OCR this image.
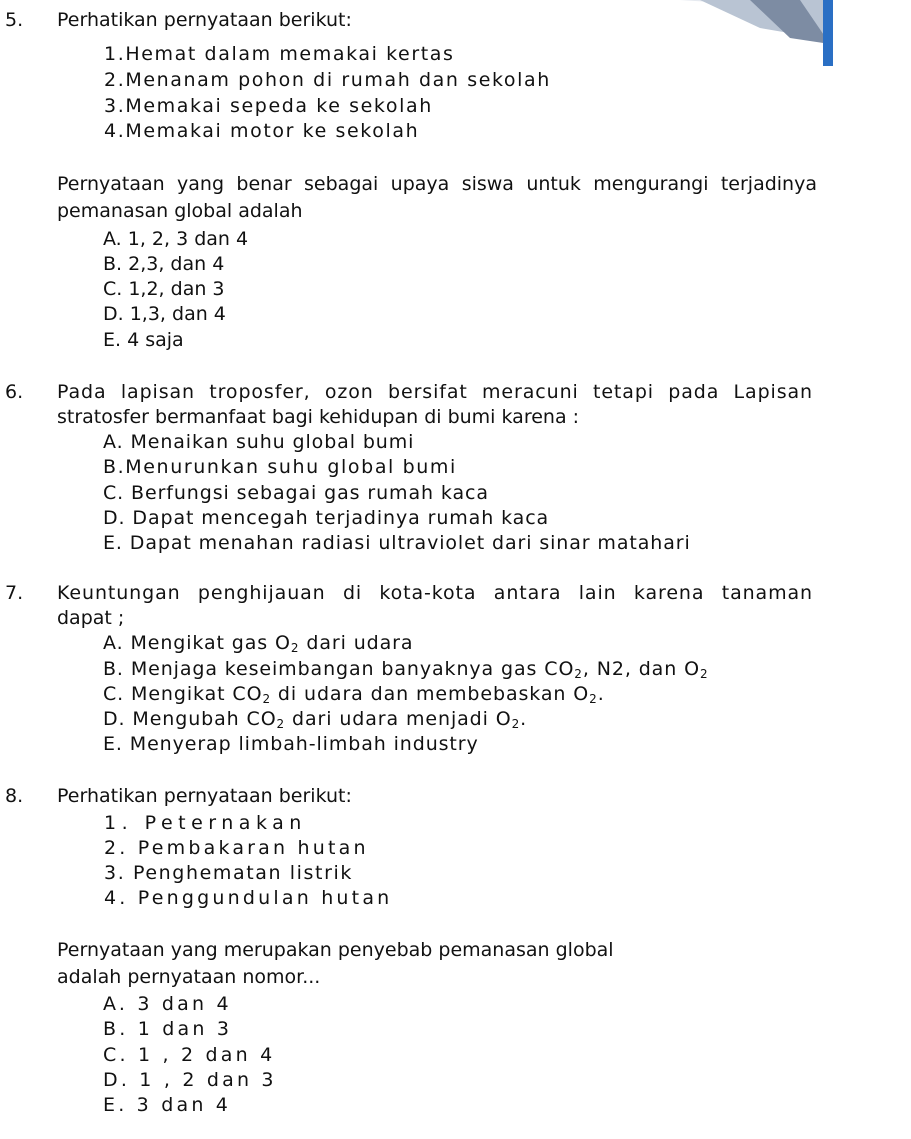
5. Perhatikan pernyataan berikut:
1.Hemat dalam memakai kertas
2.Menanam pohon di rumah dan sekolah
3.Memakai sepeda ke sekolah
4.Memakai motor ke sekolah
Pernyataan yang benar sebagai upaya siswa untuk mengurangi terjadinya
pemanasan global adalah
A. 1, 2, 3 dan 4
B. 2,3, dan 4
C. 1,2, dan 3
D. 1,3, dan 4
E. 4 saja
6. Pada lapisan troposfer, ozon bersifat meracuni tetapi pada Lapisan
stratosfer bermanfaat bagi kehidupan di bumi karena :
A. Menaikan suhu global bumi
B.Menurunkan suhu global bumi
C. Berfungsi sebagai gas rumah kaca
D. Dapat mencegah terjadinya rumah kaca
E. Dapat menahan radiasi ultraviolet dari sinar matahari
7. Keuntungan penghijauan di kota-kota antara lain karena tanaman
dapat ;
A. Mengikat gas $O_2$ dari udara
B. Menjaga keseimbangan banyaknya gas $CO_2$, N2, dan $O_2$
C. Mengikat $CO_2$ di udara dan membebaskan $O_2$.
D. Mengubah $CO_2$ dari udara menjadi $O_2$.
E. Menyerap limbah-limbah industry
8. Perhatikan pernyataan berikut:
1. Peternakan
2. Pembakaran hutan
3. Penghematan listrik
4. Penggundulan hutan
Pernyataan yang merupakan penyebab pemanasan global
adalah pernyataan nomor...
A. 3 dan 4
B. 1 dan 3
C. 1 , 2 dan 4
D. 1 , 2 dan 3
E. 3 dan 4
